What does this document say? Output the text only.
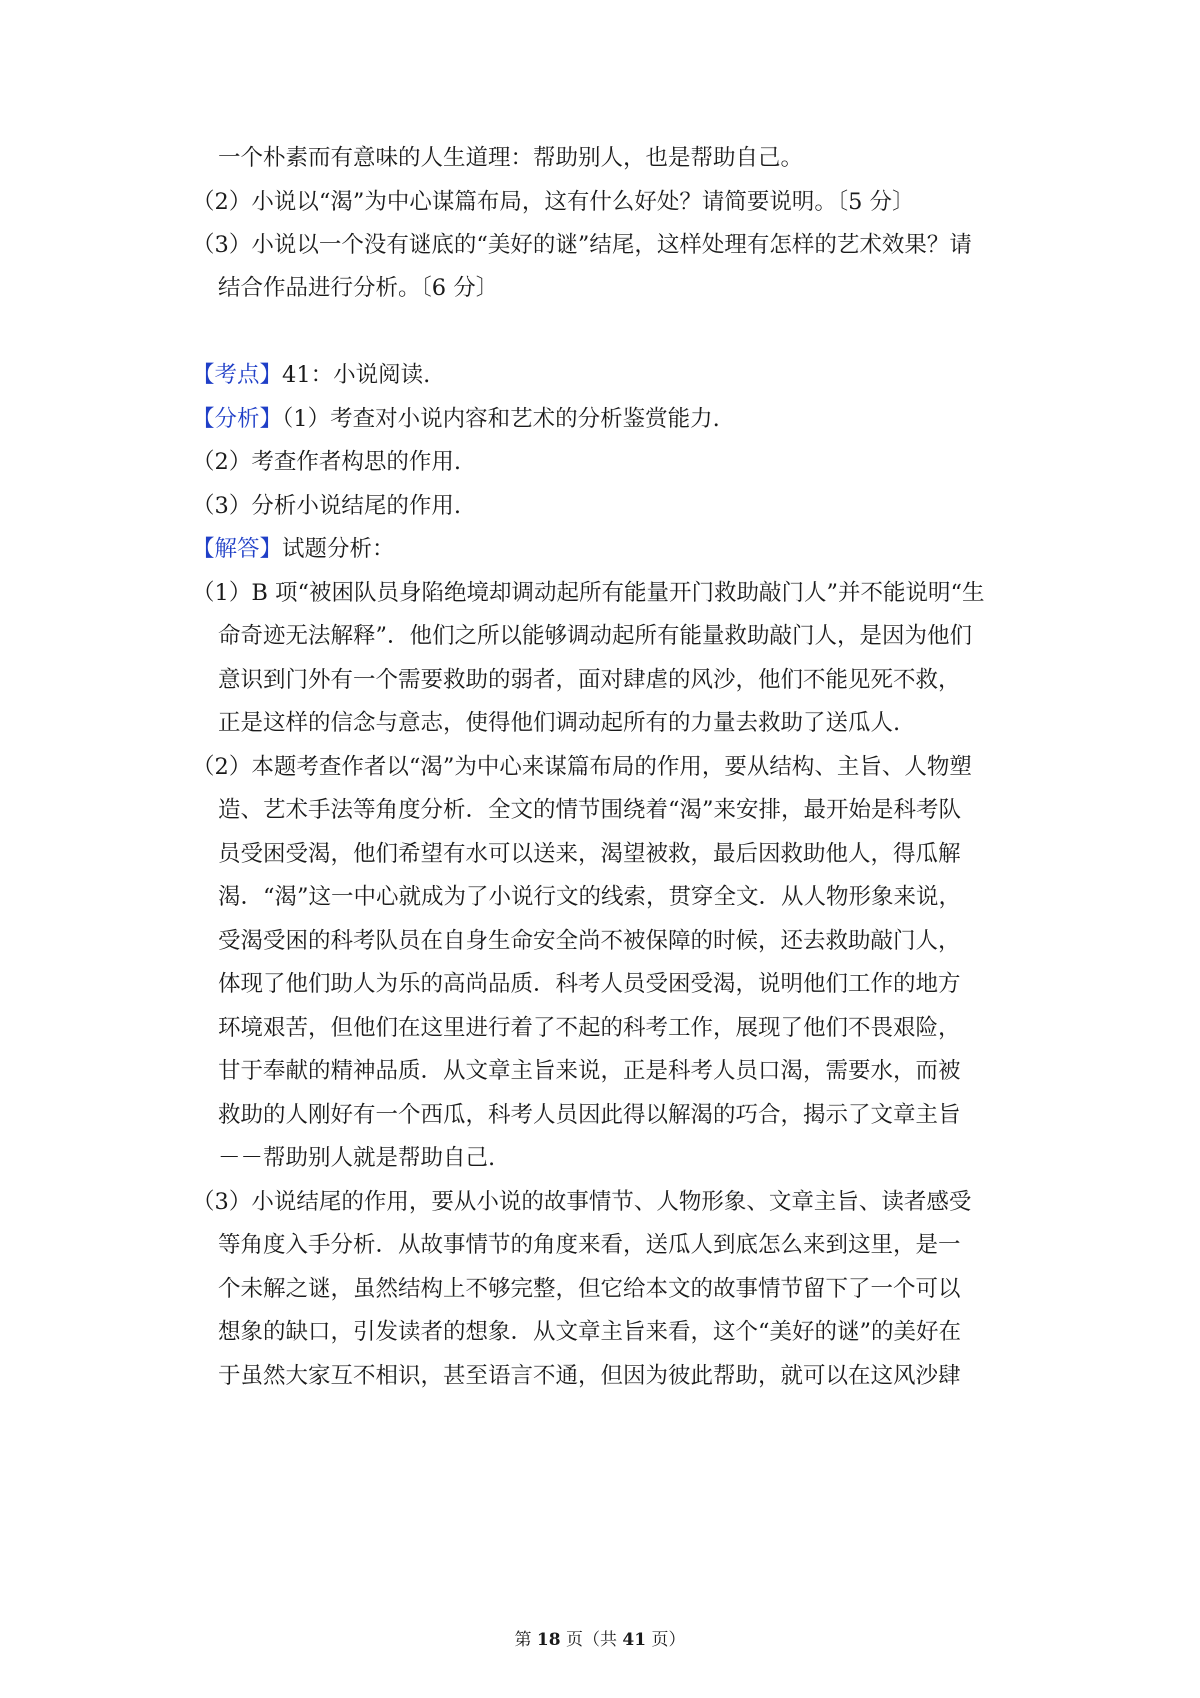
一个朴素而有意味的人生道理：帮助别人，也是帮助自己。
（2）小说以“渴”为中心谋篇布局，这有什么好处？请简要说明。〔5 分〕
（3）小说以一个没有谜底的“美好的谜”结尾，这样处理有怎样的艺术效果？请
结合作品进行分析。〔6 分〕
【考点】41：小说阅读.
【分析】（1）考查对小说内容和艺术的分析鉴赏能力.
（2）考查作者构思的作用.
（3）分析小说结尾的作用.
【解答】试题分析：
（1）B 项“被困队员身陷绝境却调动起所有能量开门救助敲门人”并不能说明“生
命奇迹无法解释”．他们之所以能够调动起所有能量救助敲门人，是因为他们
意识到门外有一个需要救助的弱者，面对肆虐的风沙，他们不能见死不救，
正是这样的信念与意志，使得他们调动起所有的力量去救助了送瓜人.
（2）本题考查作者以“渴”为中心来谋篇布局的作用，要从结构、主旨、人物塑
造、艺术手法等角度分析．全文的情节围绕着“渴”来安排，最开始是科考队
员受困受渴，他们希望有水可以送来，渴望被救，最后因救助他人，得瓜解
渴．“渴”这一中心就成为了小说行文的线索，贯穿全文．从人物形象来说，
受渴受困的科考队员在自身生命安全尚不被保障的时候，还去救助敲门人，
体现了他们助人为乐的高尚品质．科考人员受困受渴，说明他们工作的地方
环境艰苦，但他们在这里进行着了不起的科考工作，展现了他们不畏艰险，
甘于奉献的精神品质．从文章主旨来说，正是科考人员口渴，需要水，而被
救助的人刚好有一个西瓜，科考人员因此得以解渴的巧合，揭示了文章主旨
－－帮助别人就是帮助自己.
（3）小说结尾的作用，要从小说的故事情节、人物形象、文章主旨、读者感受
等角度入手分析．从故事情节的角度来看，送瓜人到底怎么来到这里，是一
个未解之谜，虽然结构上不够完整，但它给本文的故事情节留下了一个可以
想象的缺口，引发读者的想象．从文章主旨来看，这个“美好的谜”的美好在
于虽然大家互不相识，甚至语言不通，但因为彼此帮助，就可以在这风沙肆
第 18 页（共 41 页）
